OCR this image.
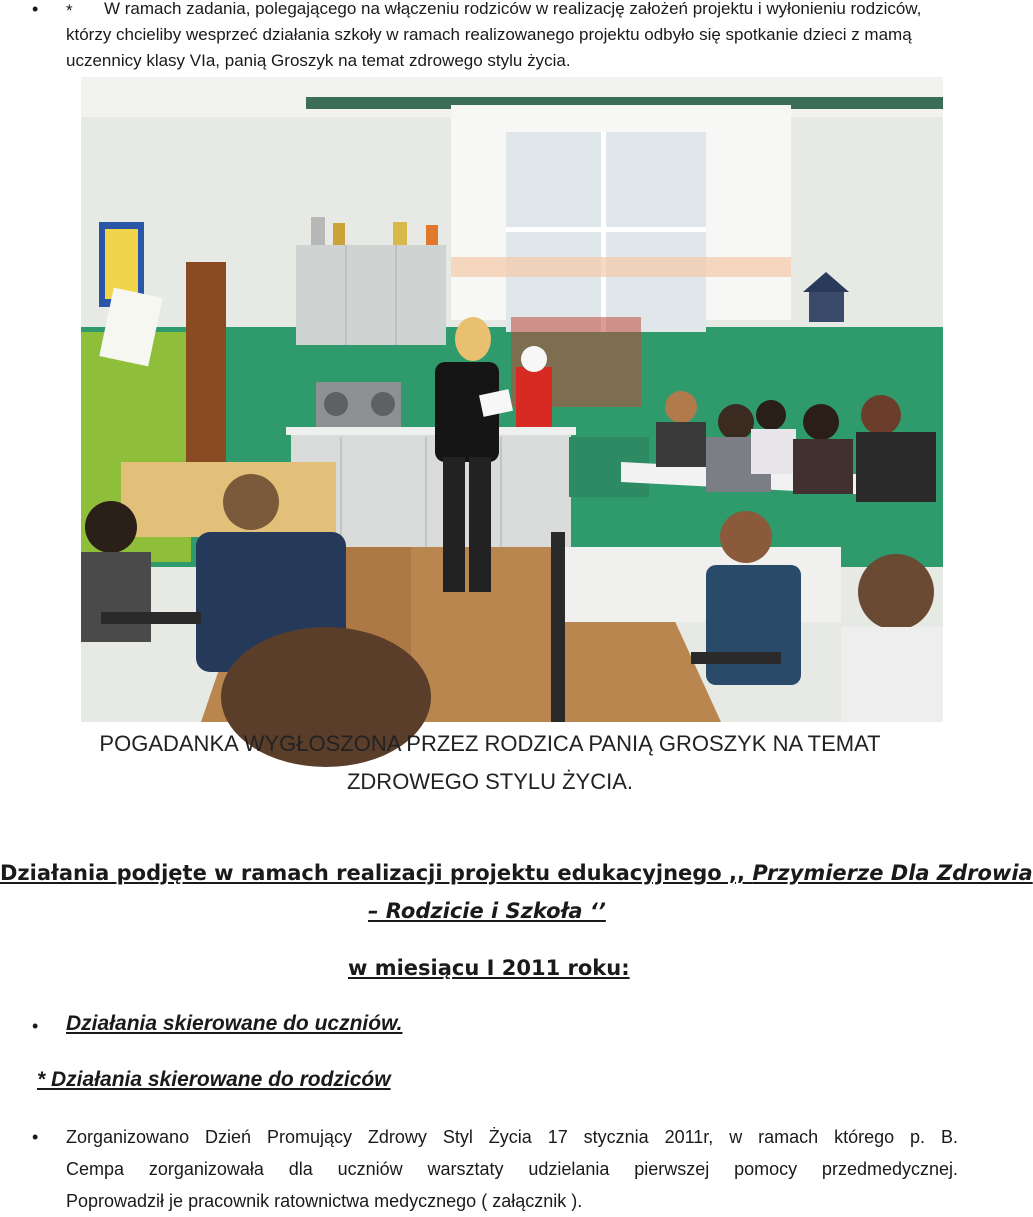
• *	W ramach zadania, polegającego na włączeniu rodziców w realizację założeń projektu i wyłonieniu rodziców,
którzy chcieliby wesprzeć działania szkoły w ramach realizowanego projektu odbyło się spotkanie dzieci z mamą
uczennicy klasy VIa, panią Groszyk na temat zdrowego stylu życia.
POGADANKA WYGŁOSZONA PRZEZ RODZICA PANIĄ GROSZYK NA TEMAT
ZDROWEGO STYLU ŻYCIA.
Działania podjęte w ramach realizacji projektu edukacyjnego ,, Przymierze Dla Zdrowia
– Rodzicie i Szkoła ‘’
w miesiącu I 2011 roku:
• Działania skierowane do uczniów.
* Działania skierowane do rodziców
• Zorganizowano Dzień Promujący Zdrowy Styl Życia 17 stycznia 2011r, w ramach którego p. B.
Cempa zorganizowała dla uczniów warsztaty udzielania pierwszej pomocy przedmedycznej.
Poprowadził je pracownik ratownictwa medycznego ( załącznik ).
